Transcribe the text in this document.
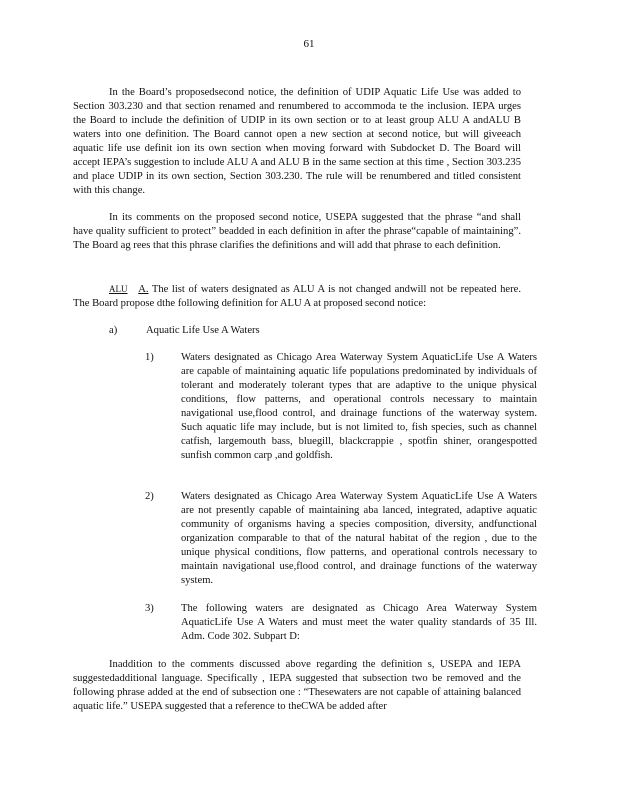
61
In the Board’s proposedsecond notice, the definition of UDIP Aquatic Life Use was added to Section 303.230 and that section renamed and renumbered to accommoda te the inclusion. IEPA urges the Board to include the definition of UDIP in its own section or to at least group ALU A andALU B waters into one definition. The Board cannot open a new section at second notice, but will giveeach aquatic life use definit ion its own section when moving forward with Subdocket D. The Board will accept IEPA’s suggestion to include ALU A and ALU B in the same section at this time , Section 303.235 and place UDIP in its own section, Section 303.230. The rule will be renumbered and titled consistent with this change.
In its comments on the proposed second notice, USEPA suggested that the phrase “and shall have quality sufficient to protect” beadded in each definition in after the phrase“capable of maintaining”. The Board ag rees that this phrase clarifies the definitions and will add that phrase to each definition.
ALU A. The list of waters designated as ALU A is not changed andwill not be repeated here. The Board propose dthe following definition for ALU A at proposed second notice:
a)	Aquatic Life Use A Waters
1)	Waters designated as Chicago Area Waterway System AquaticLife Use A Waters are capable of maintaining aquatic life populations predominated by individuals of tolerant and moderately tolerant types that are adaptive to the unique physical conditions, flow patterns, and operational controls necessary to maintain navigational use,flood control, and drainage functions of the waterway system. Such aquatic life may include, but is not limited to, fish species, such as channel catfish, largemouth bass, bluegill, blackcrappie , spotfin shiner, orangespotted sunfish common carp ,and goldfish.
2)	Waters designated as Chicago Area Waterway System AquaticLife Use A Waters are not presently capable of maintaining aba lanced, integrated, adaptive aquatic community of organisms having a species composition, diversity, andfunctional organization comparable to that of the natural habitat of the region , due to the unique physical conditions, flow patterns, and operational controls necessary to maintain navigational use,flood control, and drainage functions of the waterway system.
3)	The following waters are designated as Chicago Area Waterway System AquaticLife Use A Waters and must meet the water quality standards of 35 Ill. Adm. Code 302. Subpart D:
Inaddition to the comments discussed above regarding the definition s, USEPA and IEPA suggestedadditional language. Specifically , IEPA suggested that subsection two be removed and the following phrase added at the end of subsection one : “Thesewaters are not capable of attaining balanced aquatic life.” USEPA suggested that a reference to theCWA be added after
